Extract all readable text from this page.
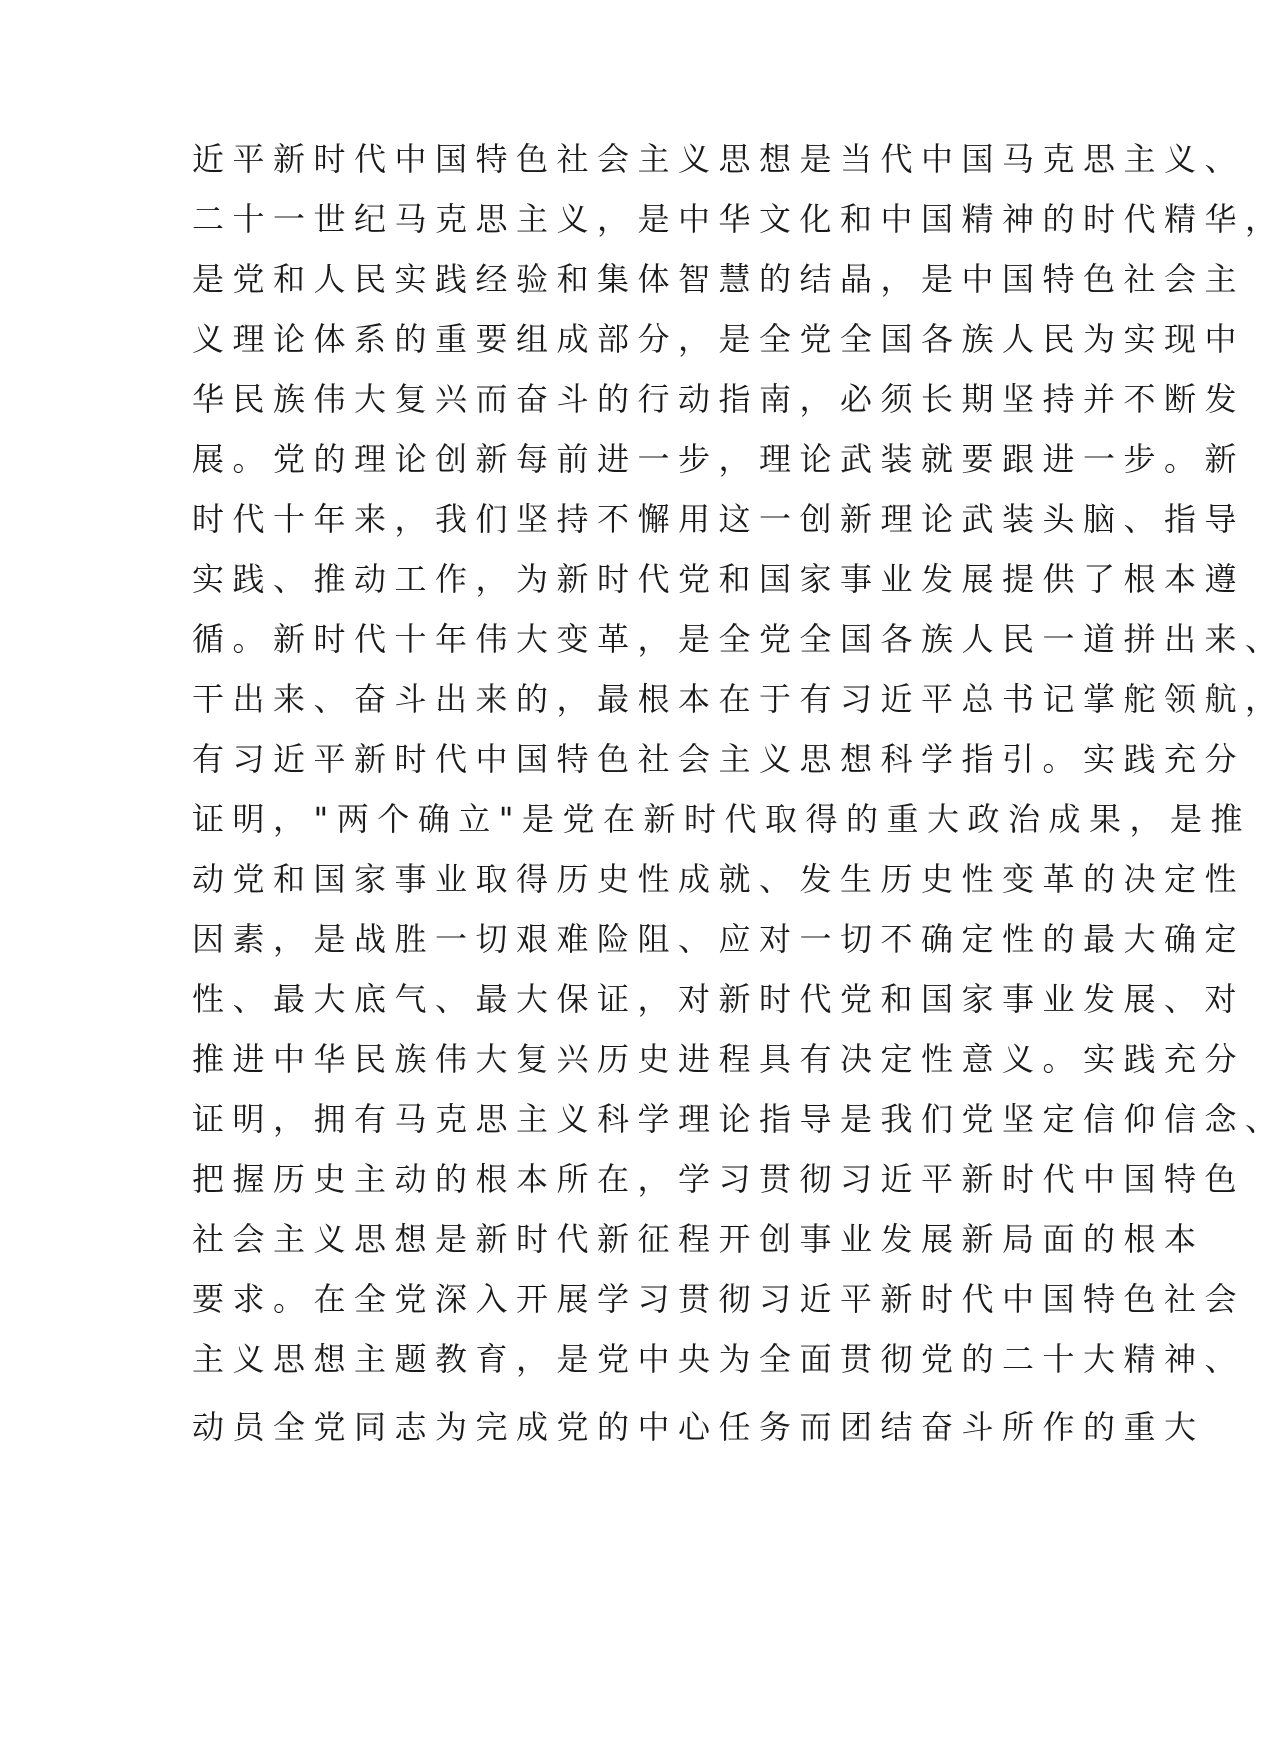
近平新时代中国特色社会主义思想是当代中国马克思主义、
二十一世纪马克思主义，是中华文化和中国精神的时代精华，
是党和人民实践经验和集体智慧的结晶，是中国特色社会主
义理论体系的重要组成部分，是全党全国各族人民为实现中
华民族伟大复兴而奋斗的行动指南，必须长期坚持并不断发
展。党的理论创新每前进一步，理论武装就要跟进一步。新
时代十年来，我们坚持不懈用这一创新理论武装头脑、指导
实践、推动工作，为新时代党和国家事业发展提供了根本遵
循。新时代十年伟大变革，是全党全国各族人民一道拼出来、
干出来、奋斗出来的，最根本在于有习近平总书记掌舵领航，
有习近平新时代中国特色社会主义思想科学指引。实践充分
证明，"两个确立"是党在新时代取得的重大政治成果，是推
动党和国家事业取得历史性成就、发生历史性变革的决定性
因素，是战胜一切艰难险阻、应对一切不确定性的最大确定
性、最大底气、最大保证，对新时代党和国家事业发展、对
推进中华民族伟大复兴历史进程具有决定性意义。实践充分
证明，拥有马克思主义科学理论指导是我们党坚定信仰信念、
把握历史主动的根本所在，学习贯彻习近平新时代中国特色
社会主义思想是新时代新征程开创事业发展新局面的根本
要求。在全党深入开展学习贯彻习近平新时代中国特色社会
主义思想主题教育，是党中央为全面贯彻党的二十大精神、
动员全党同志为完成党的中心任务而团结奋斗所作的重大
